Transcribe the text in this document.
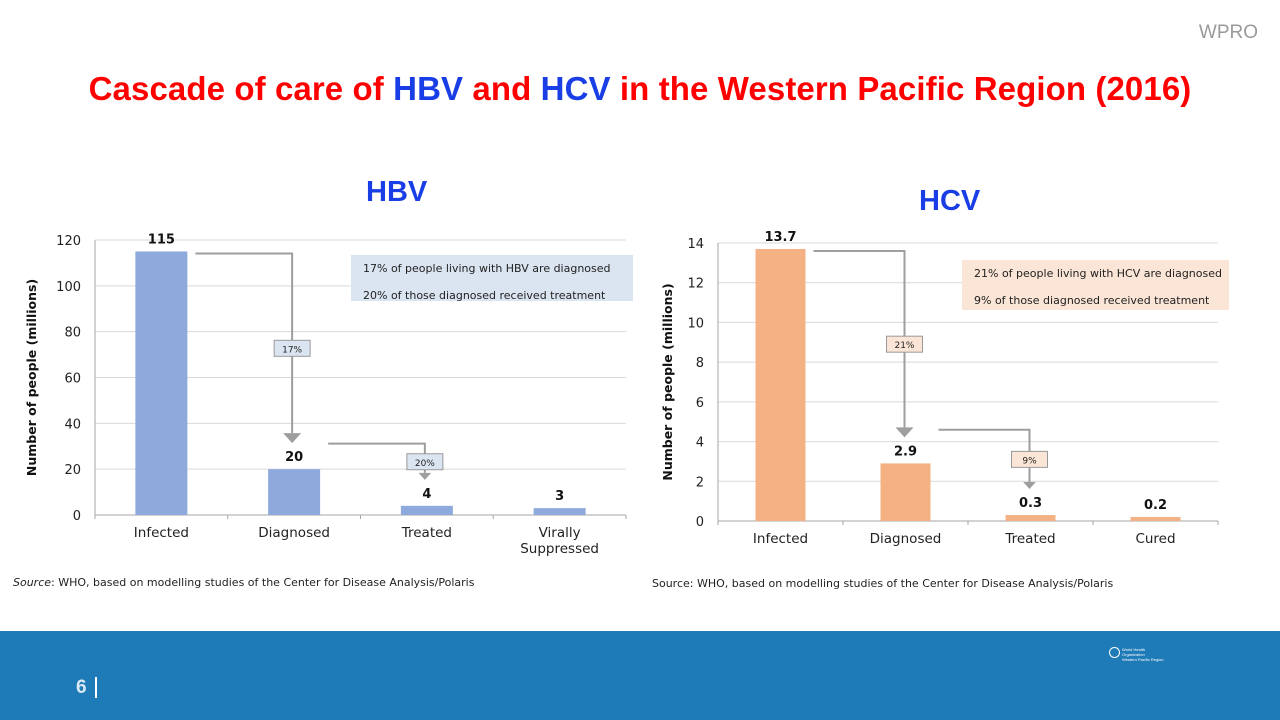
WPRO
Cascade of care of HBV and HCV in the Western Pacific Region (2016)
HBV	HCV
0
20
40
60
80
100
120
Number of people (millions)
115
Infected
20
Diagnosed
4
Treated
3
Virally
Suppressed
17%
20%
17% of people living with HBV are diagnosed
20% of those diagnosed received treatment
0
2
4
6
8
10
12
14
Number of people (millions)
13.7
Infected
2.9
Diagnosed
0.3
Treated
0.2
Cured
21%
9%
21% of people living with HCV are diagnosed
9% of those diagnosed received treatment
Source: WHO, based on modelling studies of the Center for Disease Analysis/Polaris	Source: WHO, based on modelling studies of the Center for Disease Analysis/Polaris
6
World Health
Organization
Western Pacific Region
